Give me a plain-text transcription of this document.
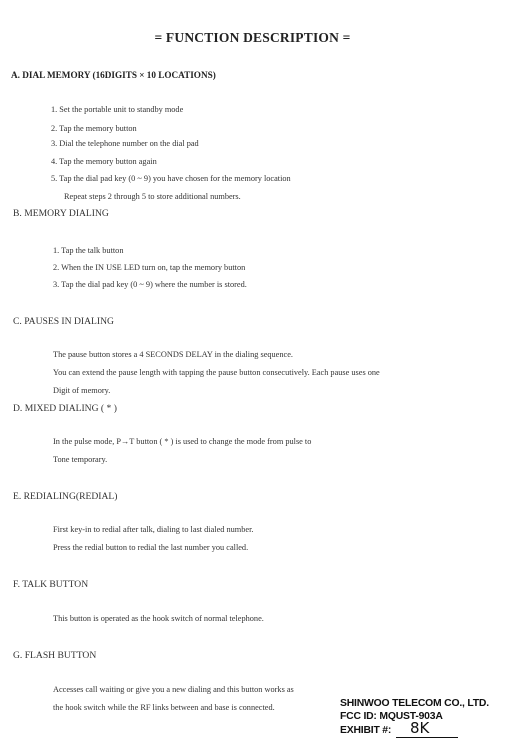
= FUNCTION DESCRIPTION =
A. DIAL MEMORY (16DIGITS × 10 LOCATIONS)
1. Set the portable unit to standby mode
2. Tap the memory button
3. Dial the telephone number on the dial pad
4. Tap the memory button again
5. Tap the dial pad key (0 ~ 9) you have chosen for the memory location
Repeat steps 2 through 5 to store additional numbers.
B. MEMORY DIALING
1. Tap the talk button
2. When the IN USE LED turn on, tap the memory button
3. Tap the dial pad key (0 ~ 9) where the number is stored.
C. PAUSES IN DIALING
The pause button stores a 4 SECONDS DELAY in the dialing sequence.
You can extend the pause length with tapping the pause button consecutively. Each pause uses one
Digit of memory.
D. MIXED DIALING ( * )
In the pulse mode, P→T button ( * ) is used to change the mode from pulse to
Tone temporary.
E. REDIALING(REDIAL)
First key-in to redial after talk, dialing to last dialed number.
Press the redial button to redial the last number you called.
F. TALK BUTTON
This button is operated as the hook switch of normal telephone.
G. FLASH BUTTON
Accesses call waiting or give you a new dialing and this button works as
the hook switch while the RF links between and base is connected.	SHINWOO TELECOM CO., LTD.
FCC ID: MQUST-903A
EXHIBIT #: 8K
